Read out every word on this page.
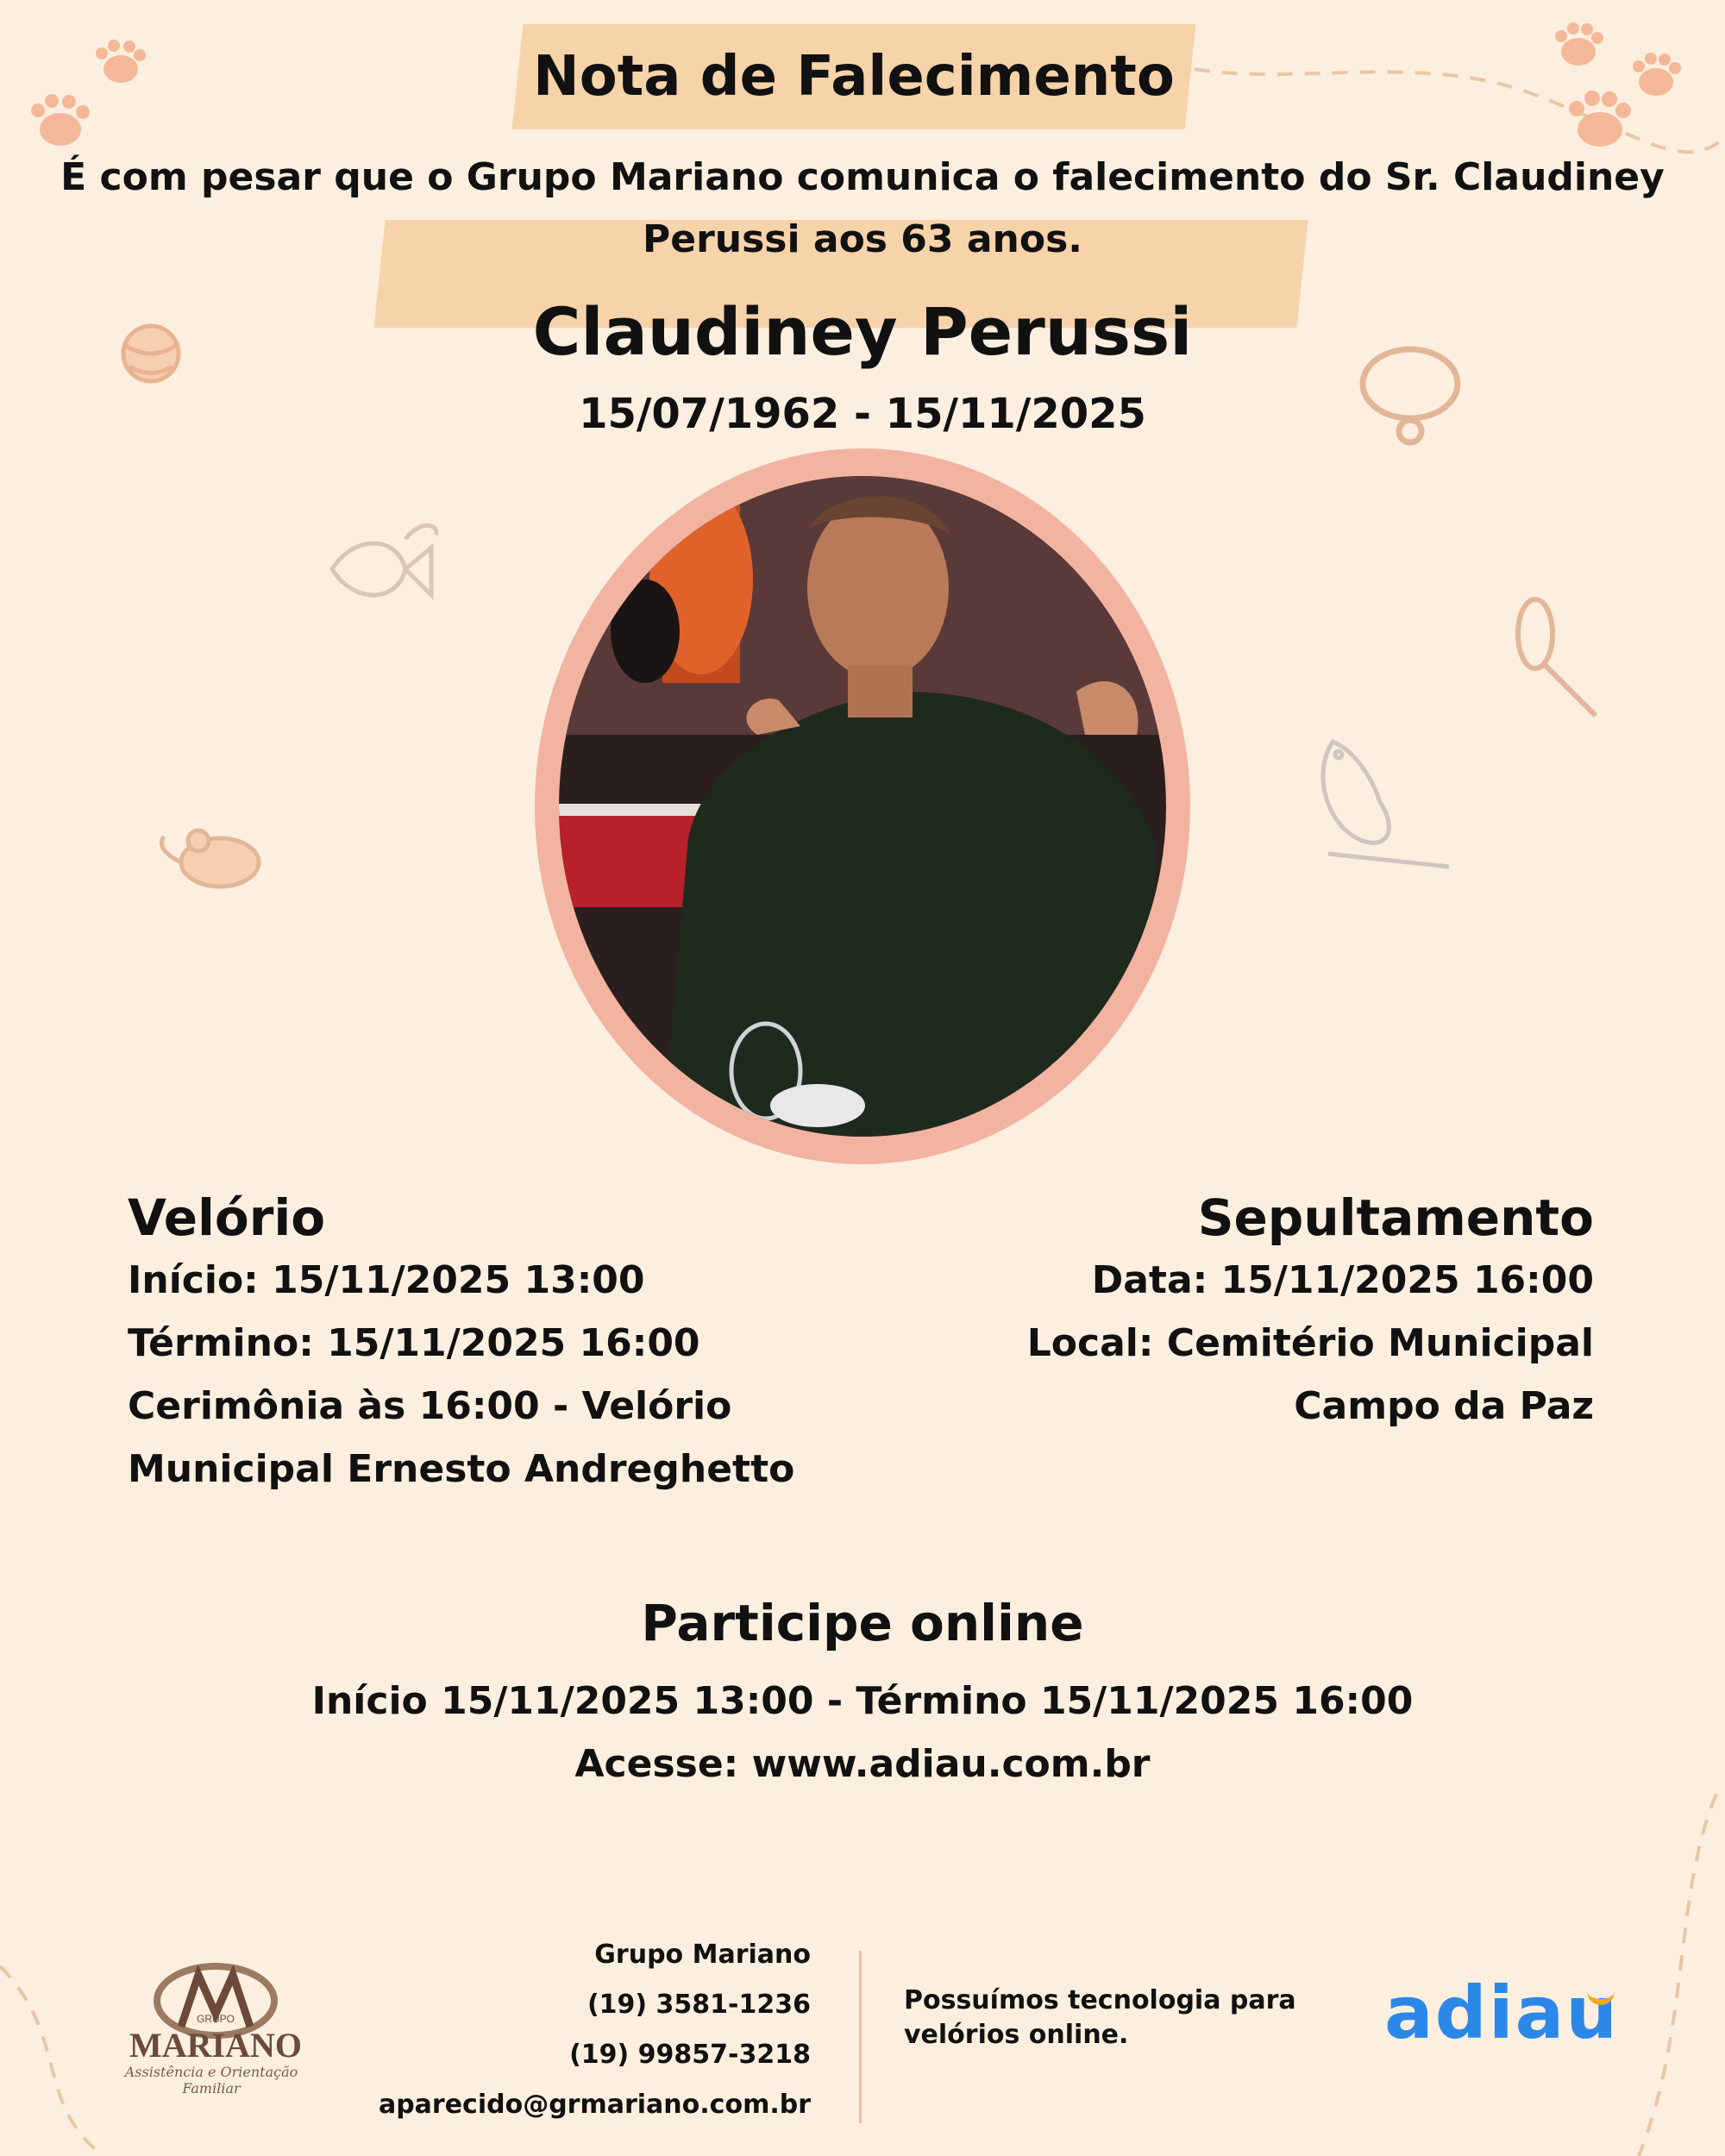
Nota de Falecimento
É com pesar que o Grupo Mariano comunica o falecimento do Sr. Claudiney
Perussi aos 63 anos.
Claudiney Perussi
15/07/1962 - 15/11/2025
Velório
Início: 15/11/2025 13:00
Término: 15/11/2025 16:00
Cerimônia às 16:00 - Velório
Municipal Ernesto Andreghetto
Sepultamento
Data: 15/11/2025 16:00
Local: Cemitério Municipal
Campo da Paz
Participe online
Início 15/11/2025 13:00 - Término 15/11/2025 16:00
Acesse: www.adiau.com.br
GRUPO
MARIANO
Assistência e Orientação Familiar
Grupo Mariano
(19) 3581-1236
(19) 99857-3218
aparecido@grmariano.com.br
Possuímos tecnologia para
velórios online.	adiau
